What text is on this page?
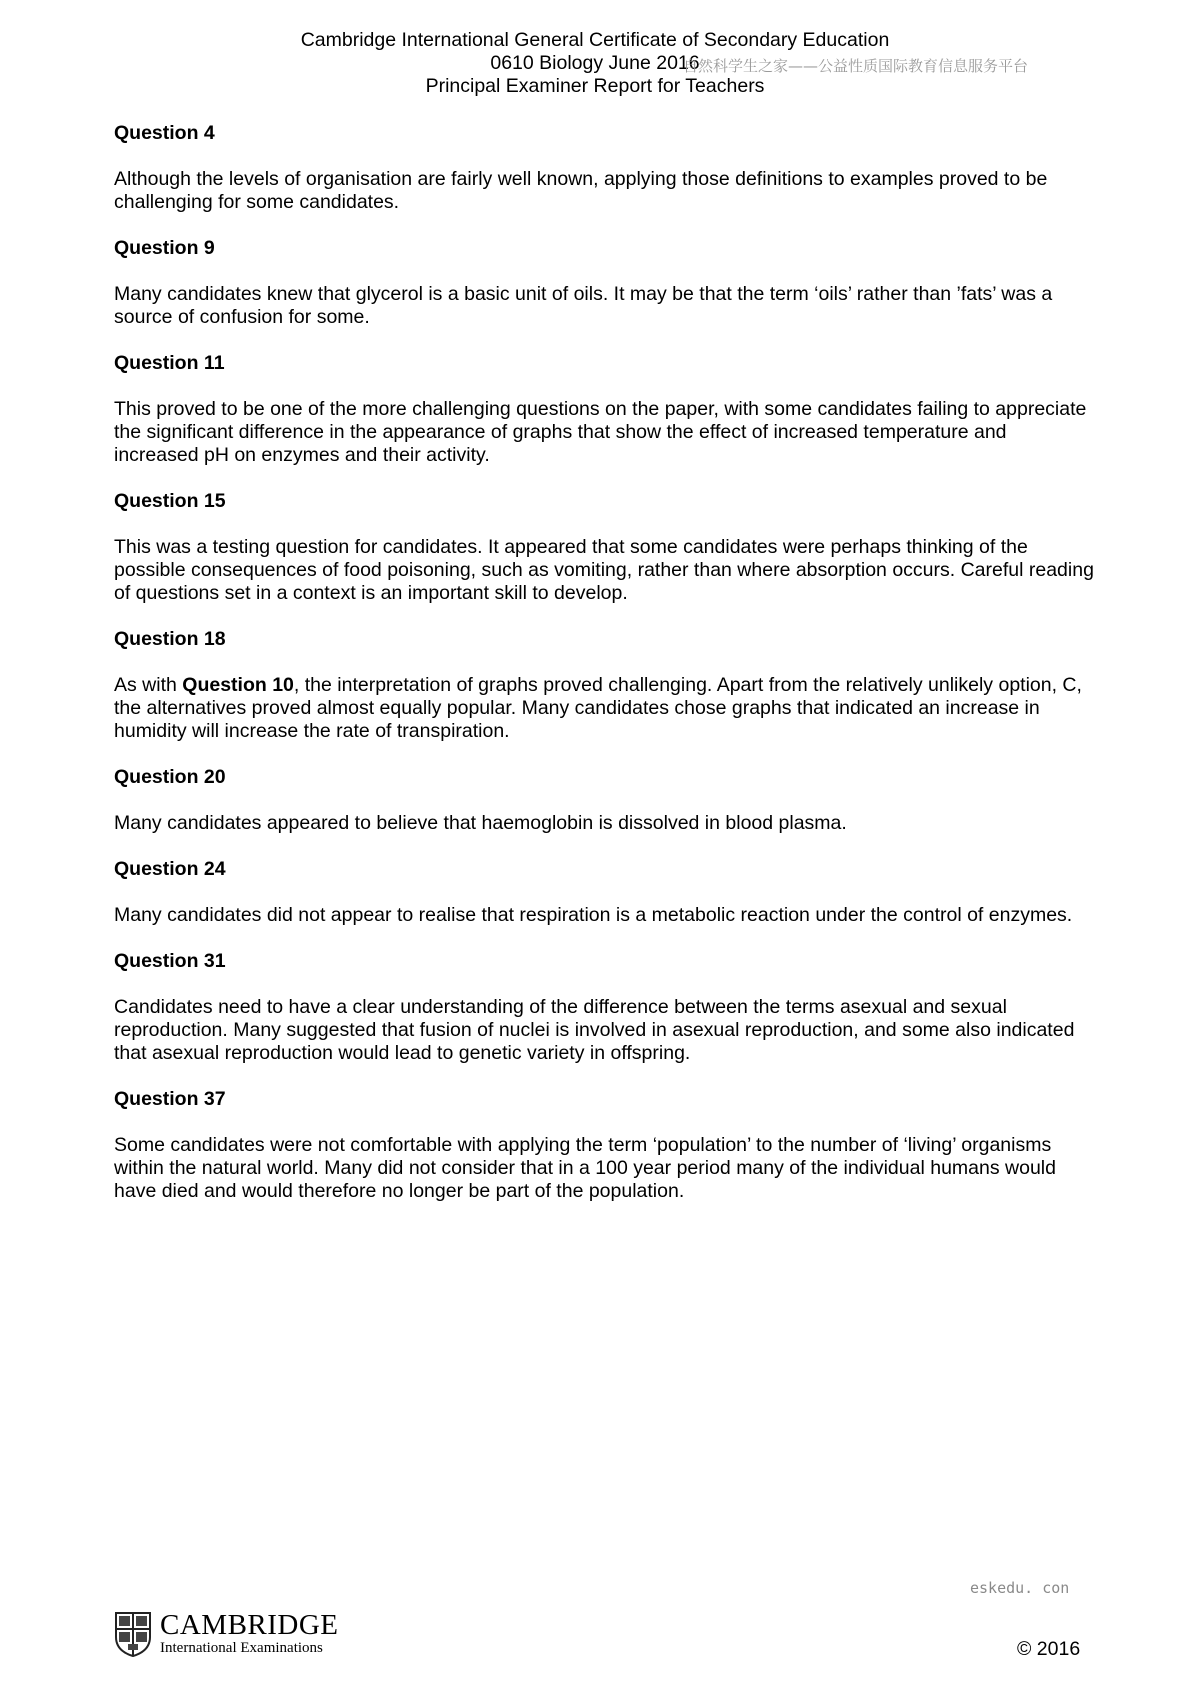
Cambridge International General Certificate of Secondary Education
0610 Biology June 2016
Principal Examiner Report for Teachers
自然科学生之家——公益性质国际教育信息服务平台

Question 4

Although the levels of organisation are fairly well known, applying those definitions to examples proved to be challenging for some candidates.

Question 9

Many candidates knew that glycerol is a basic unit of oils. It may be that the term ‘oils’ rather than ’fats’ was a source of confusion for some.

Question 11

This proved to be one of the more challenging questions on the paper, with some candidates failing to appreciate the significant difference in the appearance of graphs that show the effect of increased temperature and increased pH on enzymes and their activity.

Question 15

This was a testing question for candidates. It appeared that some candidates were perhaps thinking of the possible consequences of food poisoning, such as vomiting, rather than where absorption occurs. Careful reading of questions set in a context is an important skill to develop.

Question 18

As with Question 10, the interpretation of graphs proved challenging. Apart from the relatively unlikely option, C, the alternatives proved almost equally popular. Many candidates chose graphs that indicated an increase in humidity will increase the rate of transpiration.

Question 20

Many candidates appeared to believe that haemoglobin is dissolved in blood plasma.

Question 24

Many candidates did not appear to realise that respiration is a metabolic reaction under the control of enzymes.

Question 31

Candidates need to have a clear understanding of the difference between the terms asexual and sexual reproduction. Many suggested that fusion of nuclei is involved in asexual reproduction, and some also indicated that asexual reproduction would lead to genetic variety in offspring.

Question 37

Some candidates were not comfortable with applying the term ‘population’ to the number of ‘living’ organisms within the natural world. Many did not consider that in a 100 year period many of the individual humans would have died and would therefore no longer be part of the population.

eskedu. con
CAMBRIDGE
International Examinations	© 2016
